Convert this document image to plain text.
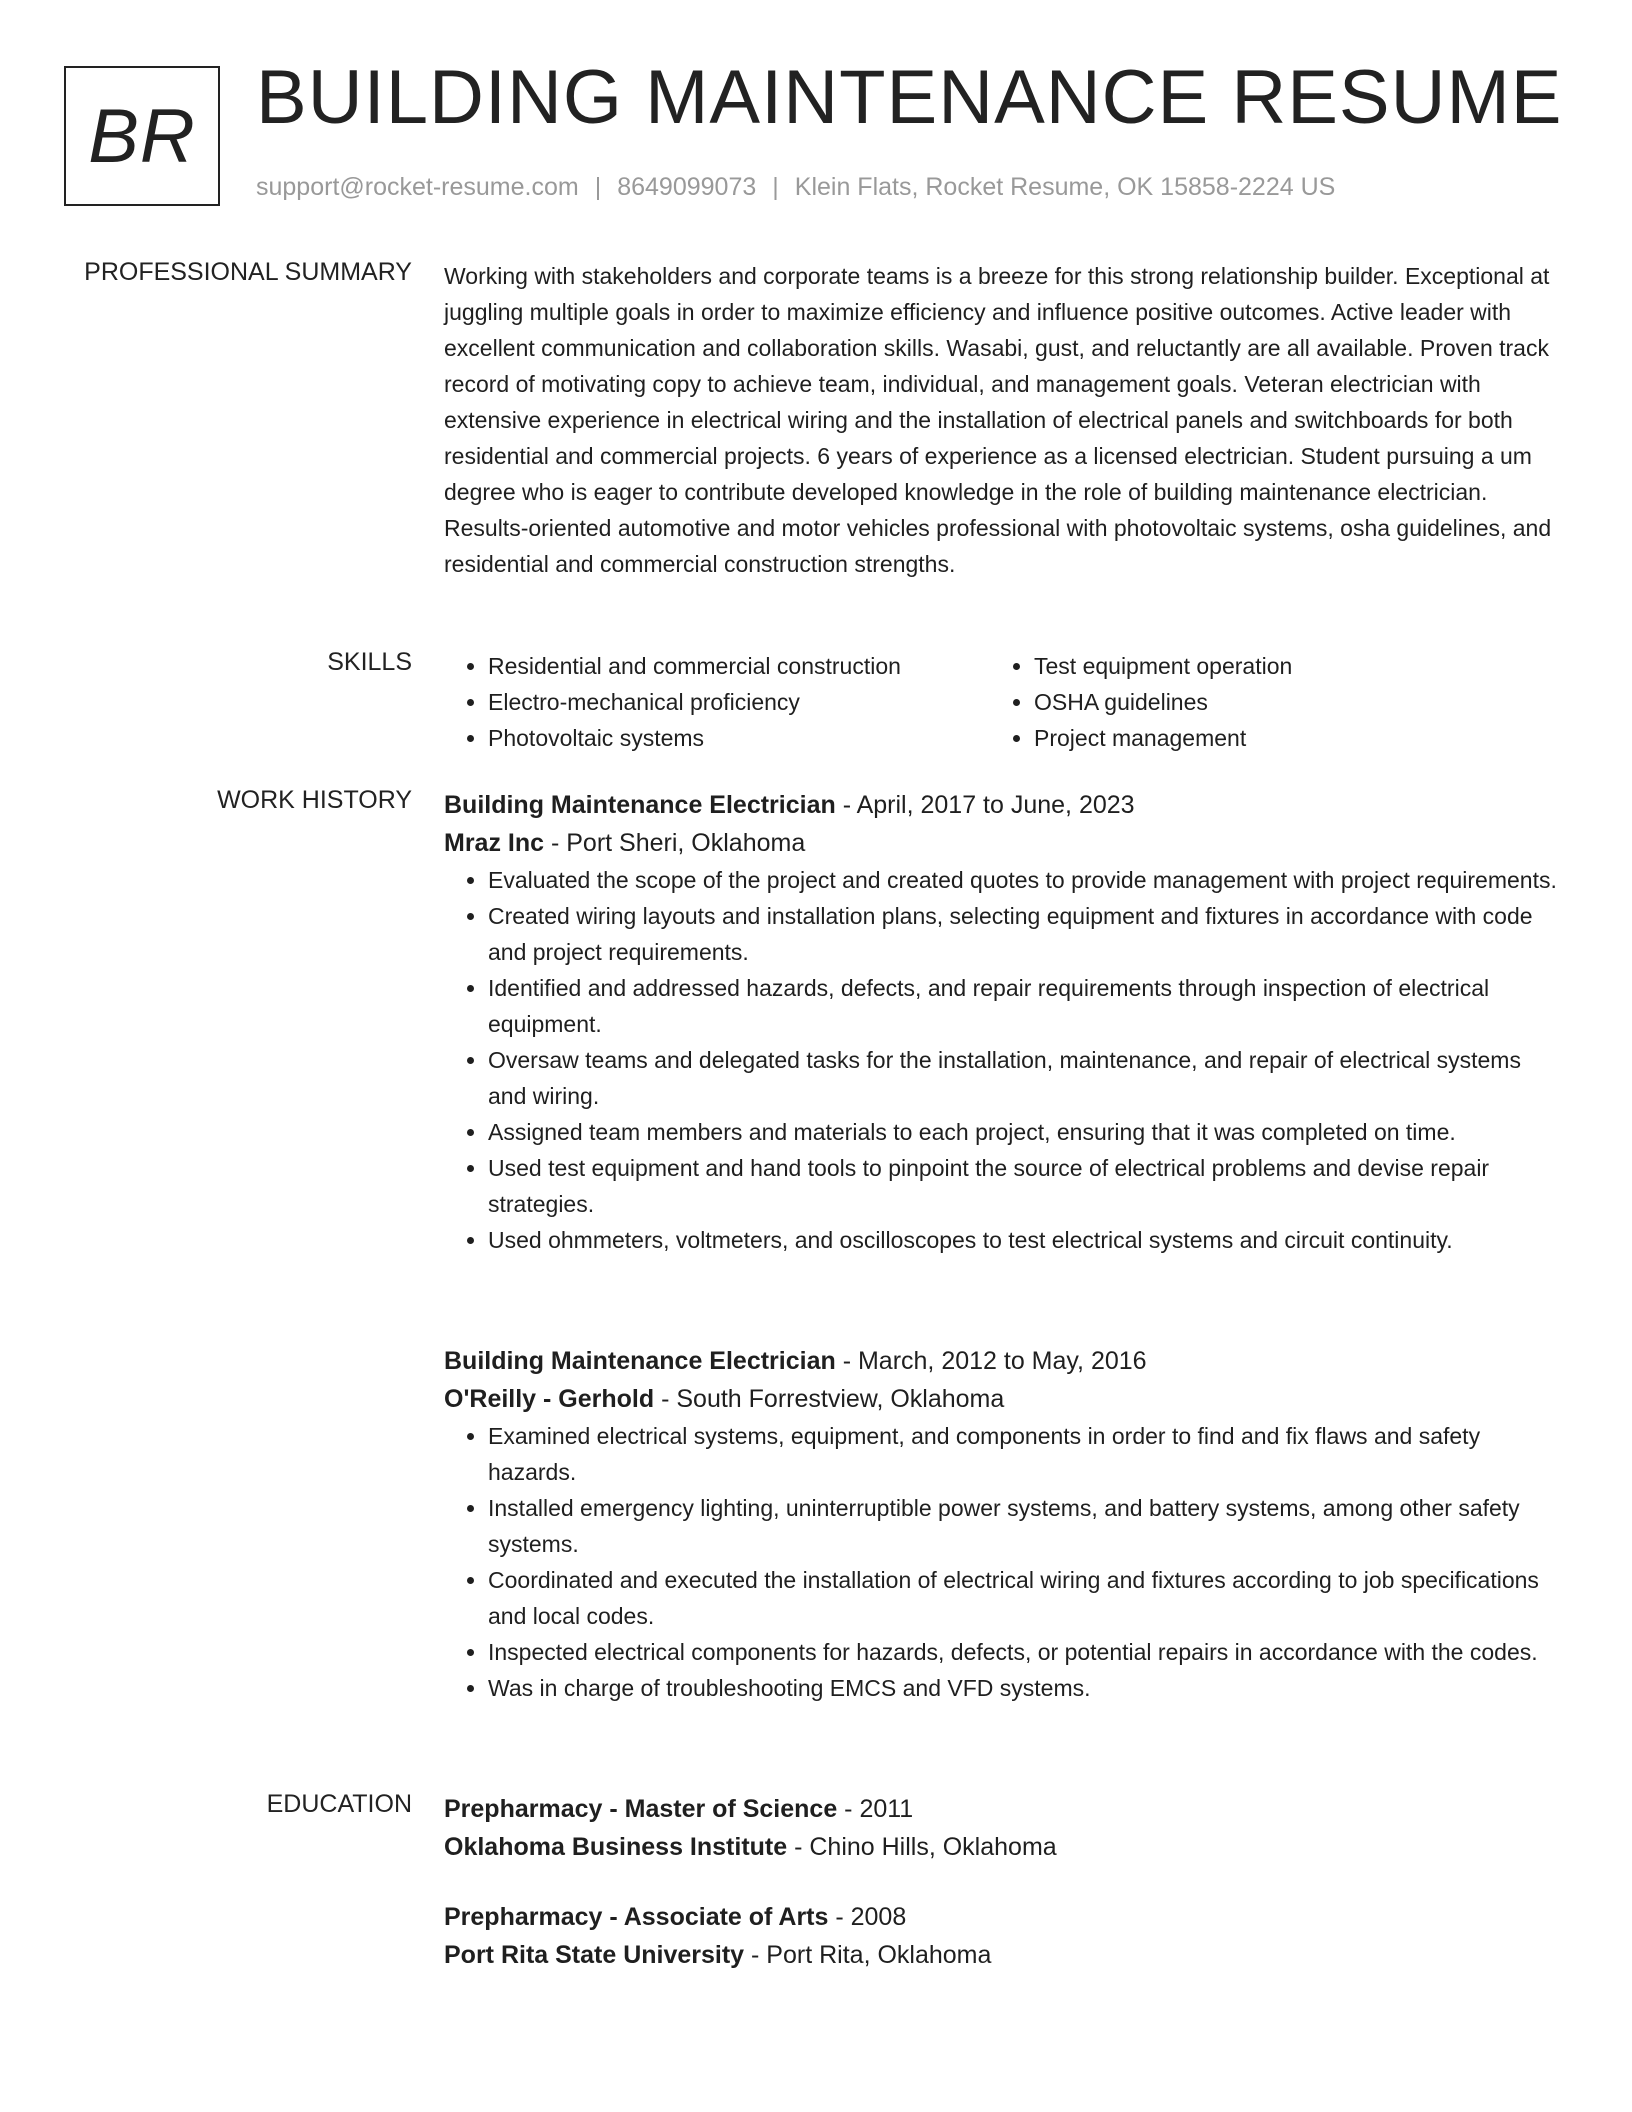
BR BUILDING MAINTENANCE RESUME
support@rocket-resume.com | 8649099073 | Klein Flats, Rocket Resume, OK 15858-2224 US
PROFESSIONAL SUMMARY Working with stakeholders and corporate teams is a breeze for this strong relationship builder. Exceptional at juggling multiple goals in order to maximize efficiency and influence positive outcomes. Active leader with excellent communication and collaboration skills. Wasabi, gust, and reluctantly are all available. Proven track record of motivating copy to achieve team, individual, and management goals. Veteran electrician with extensive experience in electrical wiring and the installation of electrical panels and switchboards for both residential and commercial projects. 6 years of experience as a licensed electrician. Student pursuing a um degree who is eager to contribute developed knowledge in the role of building maintenance electrician. Results-oriented automotive and motor vehicles professional with photovoltaic systems, osha guidelines, and residential and commercial construction strengths.

SKILLS
•	Residential and commercial construction
• Electro-mechanical proficiency
• Photovoltaic systems
• Test equipment operation
• OSHA guidelines
• Project management
WORK HISTORY Building Maintenance Electrician - April, 2017 to June, 2023
Mraz Inc - Port Sheri, Oklahoma
• Evaluated the scope of the project and created quotes to provide management with project requirements.
• Created wiring layouts and installation plans, selecting equipment and fixtures in accordance with code and project requirements.
• Identified and addressed hazards, defects, and repair requirements through inspection of electrical equipment.
• Oversaw teams and delegated tasks for the installation, maintenance, and repair of electrical systems and wiring.
• Assigned team members and materials to each project, ensuring that it was completed on time.
• Used test equipment and hand tools to pinpoint the source of electrical problems and devise repair strategies.
• Used ohmmeters, voltmeters, and oscilloscopes to test electrical systems and circuit continuity.
Building Maintenance Electrician - March, 2012 to May, 2016
O'Reilly - Gerhold - South Forrestview, Oklahoma
• Examined electrical systems, equipment, and components in order to find and fix flaws and safety hazards.
• Installed emergency lighting, uninterruptible power systems, and battery systems, among other safety systems.
• Coordinated and executed the installation of electrical wiring and fixtures according to job specifications and local codes.
• Inspected electrical components for hazards, defects, or potential repairs in accordance with the codes.
• Was in charge of troubleshooting EMCS and VFD systems.
EDUCATION Prepharmacy - Master of Science - 2011
Oklahoma Business Institute - Chino Hills, Oklahoma
Prepharmacy - Associate of Arts - 2008
Port Rita State University - Port Rita, Oklahoma
